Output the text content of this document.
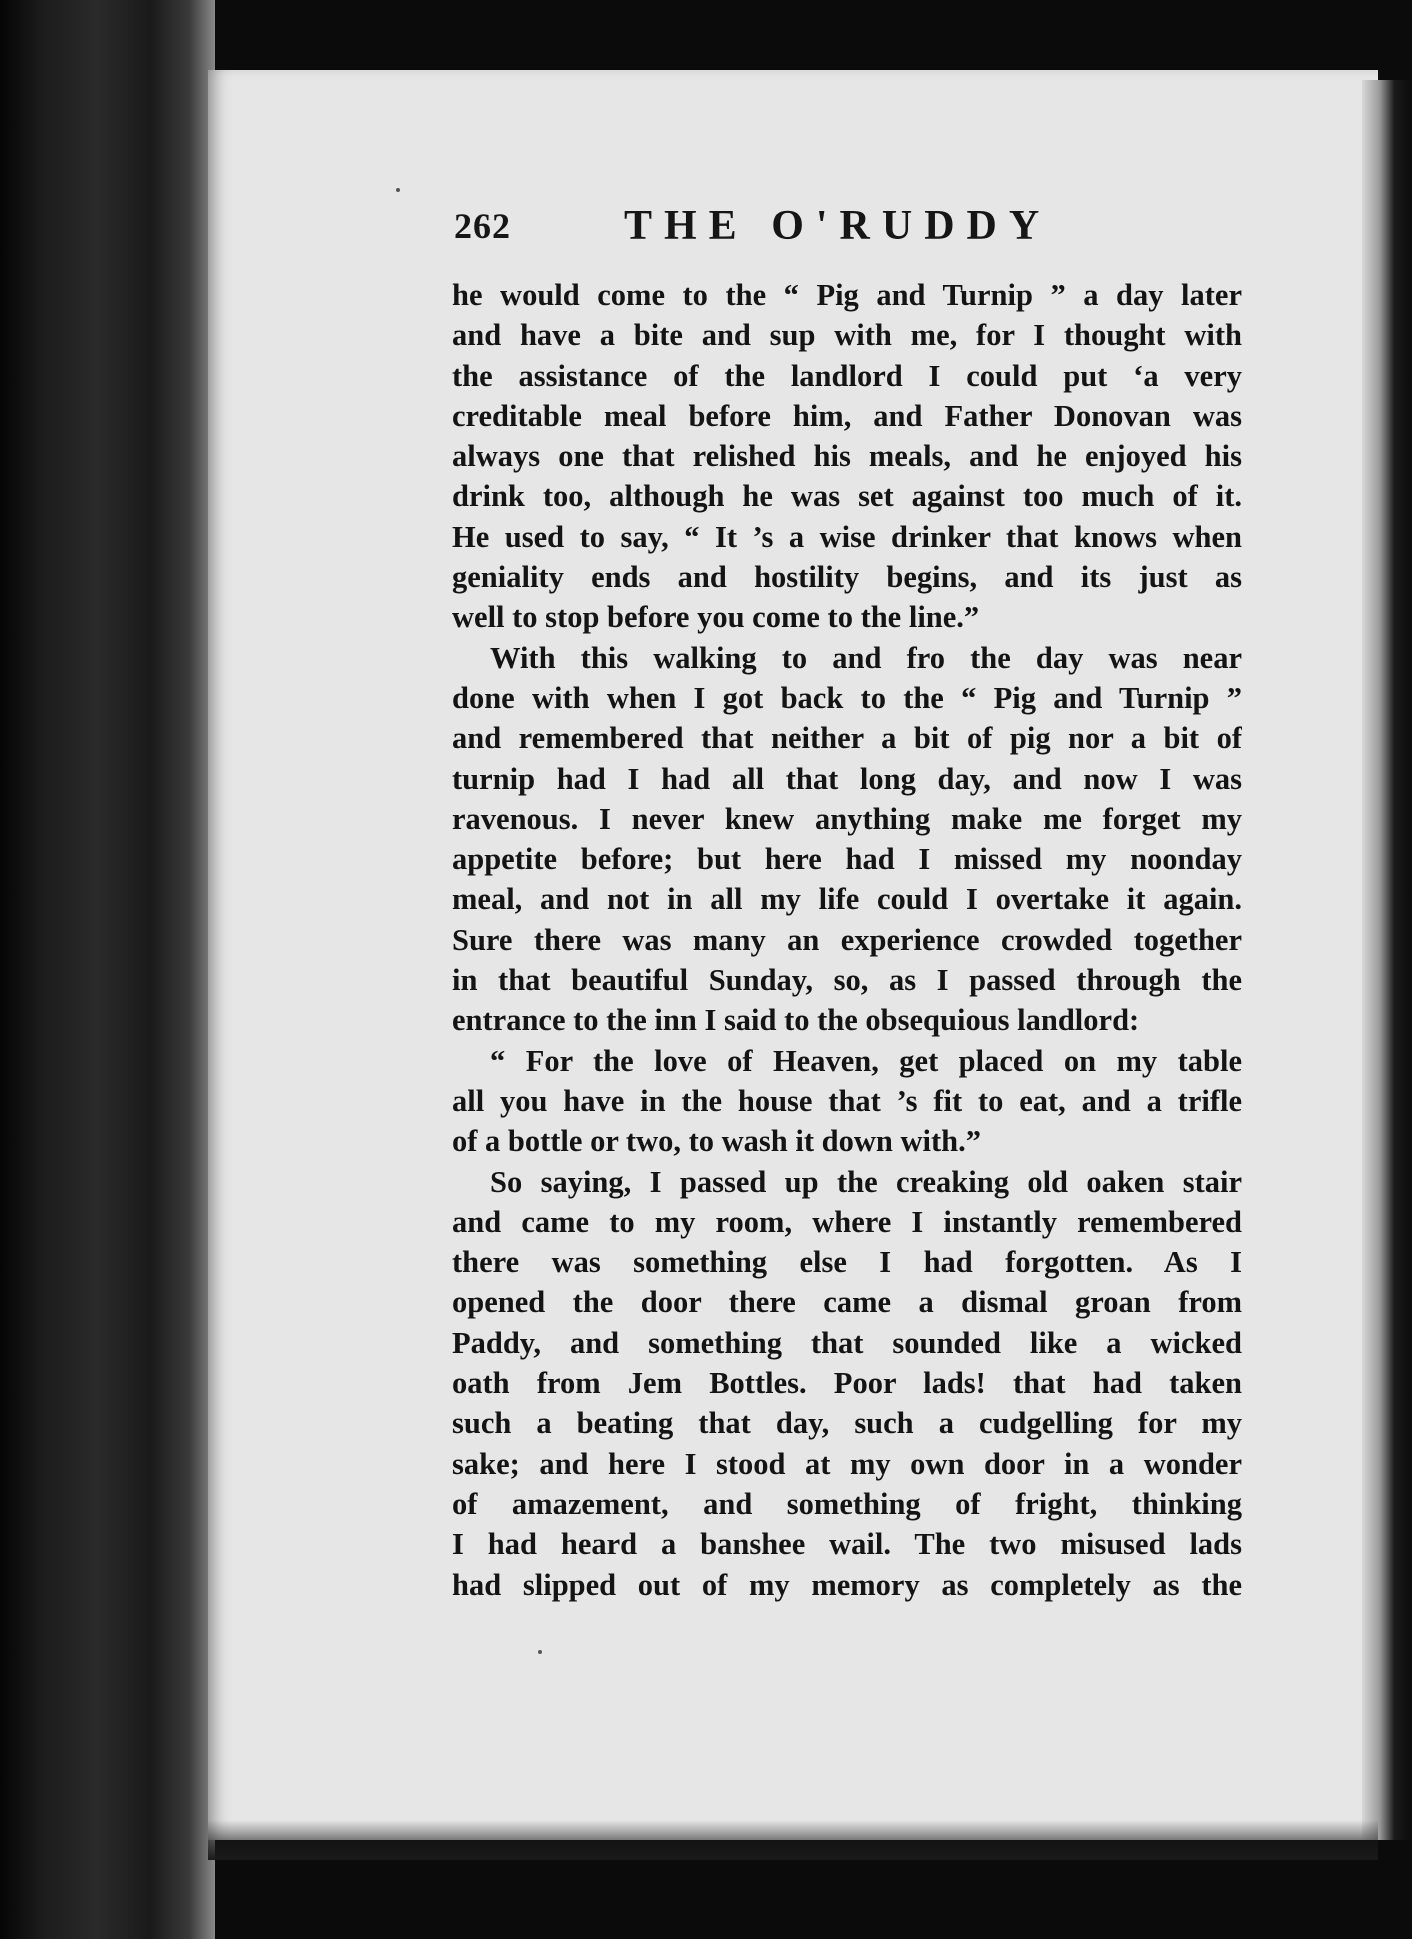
262	THE O'RUDDY
he would come to the “ Pig and Turnip ” a day later
and have a bite and sup with me, for I thought with
the assistance of the landlord I could put ‘a very
creditable meal before him, and Father Donovan was
always one that relished his meals, and he enjoyed his
drink too, although he was set against too much of it.
He used to say, “ It ’s a wise drinker that knows when
geniality ends and hostility begins, and its just as
well to stop before you come to the line.”
With this walking to and fro the day was near
done with when I got back to the “ Pig and Turnip ”
and remembered that neither a bit of pig nor a bit of
turnip had I had all that long day, and now I was
ravenous. I never knew anything make me forget my
appetite before; but here had I missed my noonday
meal, and not in all my life could I overtake it again.
Sure there was many an experience crowded together
in that beautiful Sunday, so, as I passed through the
entrance to the inn I said to the obsequious landlord:
“ For the love of Heaven, get placed on my table
all you have in the house that ’s fit to eat, and a trifle
of a bottle or two, to wash it down with.”
So saying, I passed up the creaking old oaken stair
and came to my room, where I instantly remembered
there was something else I had forgotten. As I
opened the door there came a dismal groan from
Paddy, and something that sounded like a wicked
oath from Jem Bottles. Poor lads! that had taken
such a beating that day, such a cudgelling for my
sake; and here I stood at my own door in a wonder
of amazement, and something of fright, thinking
I had heard a banshee wail. The two misused lads
had slipped out of my memory as completely as the
